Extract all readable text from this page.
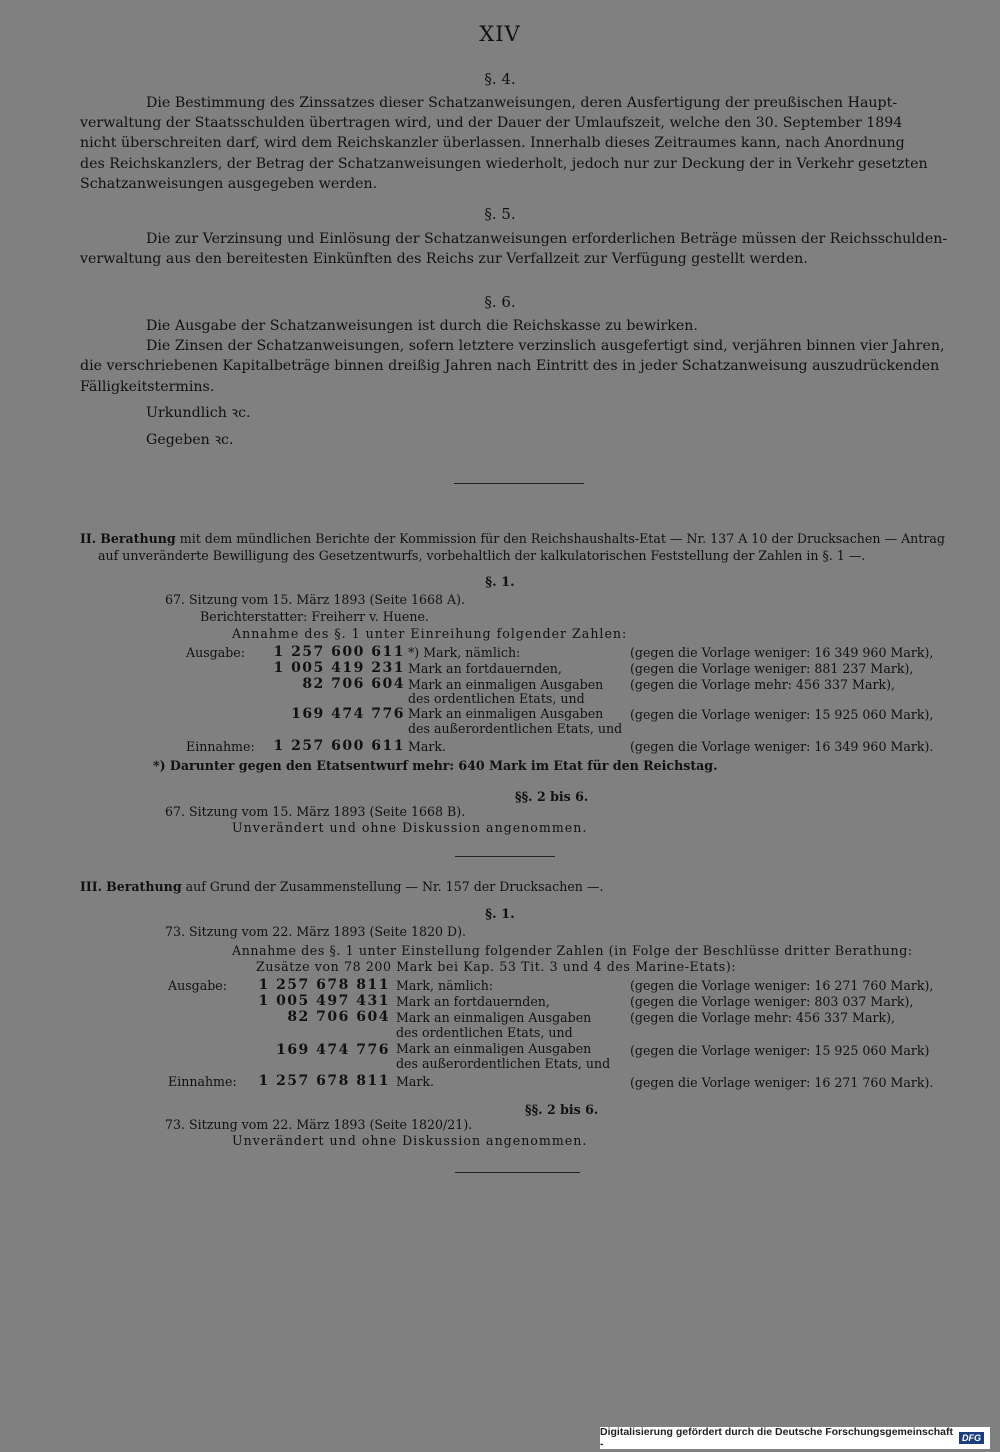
XIV
§. 4.
Die Bestimmung des Zinssatzes dieser Schatzanweisungen, deren Ausfertigung der preußischen Haupt-
verwaltung der Staatsschulden übertragen wird, und der Dauer der Umlaufszeit, welche den 30. September 1894
nicht überschreiten darf, wird dem Reichskanzler überlassen. Innerhalb dieses Zeitraumes kann, nach Anordnung
des Reichskanzlers, der Betrag der Schatzanweisungen wiederholt, jedoch nur zur Deckung der in Verkehr gesetzten
Schatzanweisungen ausgegeben werden.
§. 5.
Die zur Verzinsung und Einlösung der Schatzanweisungen erforderlichen Beträge müssen der Reichsschulden-
verwaltung aus den bereitesten Einkünften des Reichs zur Verfallzeit zur Verfügung gestellt werden.
§. 6.
Die Ausgabe der Schatzanweisungen ist durch die Reichskasse zu bewirken.
Die Zinsen der Schatzanweisungen, sofern letztere verzinslich ausgefertigt sind, verjähren binnen vier Jahren,
die verschriebenen Kapitalbeträge binnen dreißig Jahren nach Eintritt des in jeder Schatzanweisung auszudrückenden
Fälligkeitstermins.
Urkundlich ꝛc.
Gegeben ꝛc.
II. Berathung mit dem mündlichen Berichte der Kommission für den Reichshaushalts-Etat — Nr. 137 A 10 der Drucksachen — Antrag
auf unveränderte Bewilligung des Gesetzentwurfs, vorbehaltlich der kalkulatorischen Feststellung der Zahlen in §. 1 —.
§. 1.
67. Sitzung vom 15. März 1893 (Seite 1668 A).
Berichterstatter: Freiherr v. Huene.
Annahme des §. 1 unter Einreihung folgender Zahlen:
Ausgabe:	1 257 600 611 *) Mark, nämlich:	(gegen die Vorlage weniger: 16 349 960 Mark),
1 005 419 231 Mark an fortdauernden,	(gegen die Vorlage weniger: 881 237 Mark),
82 706 604 Mark an einmaligen Ausgaben
des ordentlichen Etats, und
(gegen die Vorlage mehr: 456 337 Mark),
169 474 776 Mark an einmaligen Ausgaben
des außerordentlichen Etats, und
(gegen die Vorlage weniger: 15 925 060 Mark),
Einnahme:	1 257 600 611 Mark.	(gegen die Vorlage weniger: 16 349 960 Mark).
*) Darunter gegen den Etatsentwurf mehr: 640 Mark im Etat für den Reichstag.
§§. 2 bis 6.
67. Sitzung vom 15. März 1893 (Seite 1668 B).
Unverändert und ohne Diskussion angenommen.
III. Berathung auf Grund der Zusammenstellung — Nr. 157 der Drucksachen —.
§. 1.
73. Sitzung vom 22. März 1893 (Seite 1820 D).
Annahme des §. 1 unter Einstellung folgender Zahlen (in Folge der Beschlüsse dritter Berathung:
Zusätze von 78 200 Mark bei Kap. 53 Tit. 3 und 4 des Marine-Etats):
Ausgabe:	1 257 678 811 Mark, nämlich:	(gegen die Vorlage weniger: 16 271 760 Mark),
1 005 497 431 Mark an fortdauernden,	(gegen die Vorlage weniger: 803 037 Mark),
82 706 604 Mark an einmaligen Ausgaben
des ordentlichen Etats, und
(gegen die Vorlage mehr: 456 337 Mark),
169 474 776 Mark an einmaligen Ausgaben
des außerordentlichen Etats, und
(gegen die Vorlage weniger: 15 925 060 Mark)
Einnahme:	1 257 678 811 Mark.	(gegen die Vorlage weniger: 16 271 760 Mark).
§§. 2 bis 6.
73. Sitzung vom 22. März 1893 (Seite 1820/21).
Unverändert und ohne Diskussion angenommen.
Digitalisierung gefördert durch die Deutsche Forschungsgemeinschaft -	DFG
